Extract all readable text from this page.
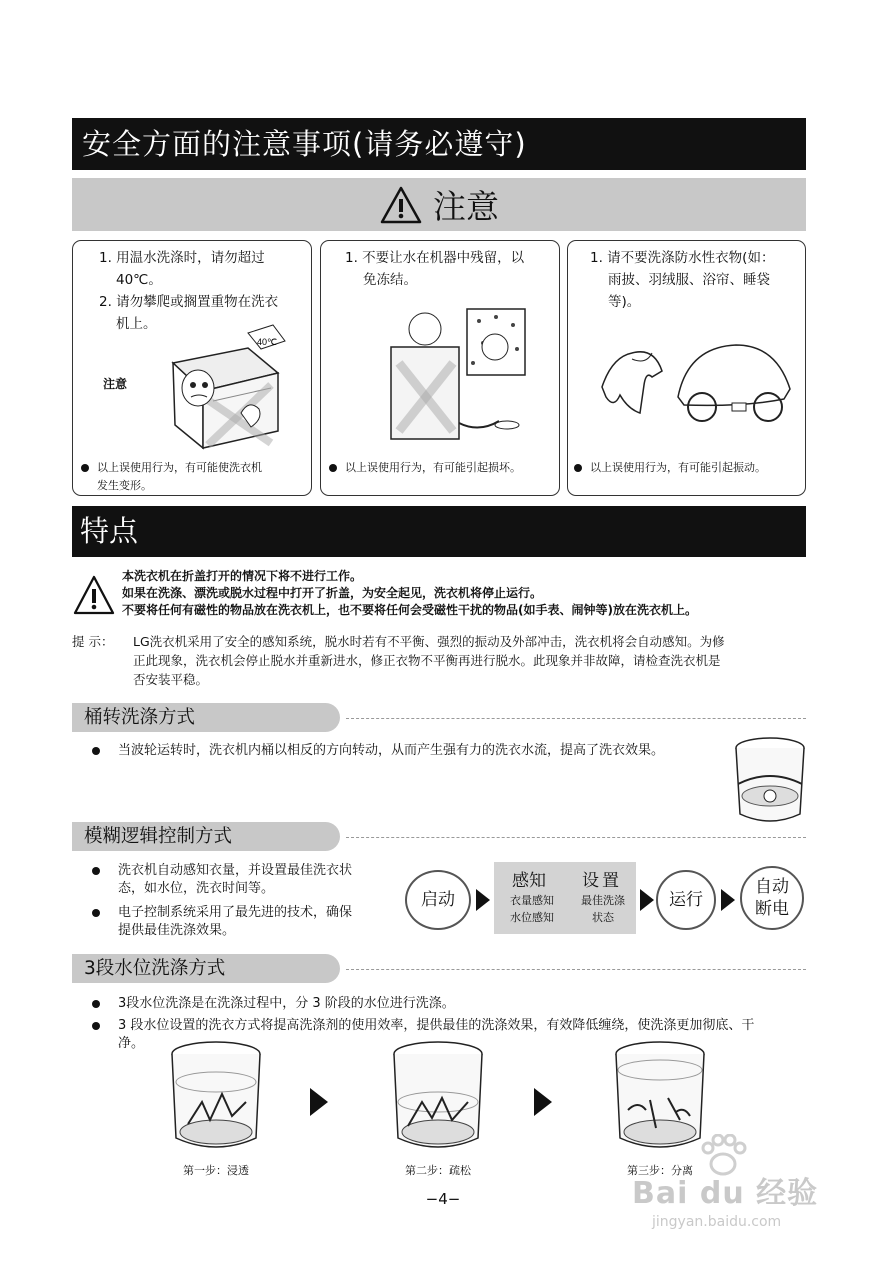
安全方面的注意事项(请务必遵守)
注意
1. 用温水洗涤时，请勿超过
40℃。
2. 请勿攀爬或搁置重物在洗衣
机上。
注意
40℃
以上误使用行为，有可能使洗衣机
发生变形。
1. 不要让水在机器中残留，以
免冻结。
以上误使用行为，有可能引起损坏。
1. 请不要洗涤防水性衣物(如：
雨披、羽绒服、浴帘、睡袋
等)。
以上误使用行为，有可能引起振动。
特点
本洗衣机在折盖打开的情况下将不进行工作。
如果在洗涤、漂洗或脱水过程中打开了折盖，为安全起见，洗衣机将停止运行。
不要将任何有磁性的物品放在洗衣机上，也不要将任何会受磁性干扰的物品(如手表、闹钟等)放在洗衣机上。
提 示： LG洗衣机采用了安全的感知系统，脱水时若有不平衡、强烈的振动及外部冲击，洗衣机将会自动感知。为修
正此现象，洗衣机会停止脱水并重新进水，修正衣物不平衡再进行脱水。此现象并非故障，请检查洗衣机是
否安装平稳。
桶转洗涤方式
当波轮运转时，洗衣机内桶以相反的方向转动，从而产生强有力的洗衣水流，提高了洗衣效果。
模糊逻辑控制方式
洗衣机自动感知衣量，并设置最佳洗衣状
态，如水位，洗衣时间等。
电子控制系统采用了最先进的技术，确保
提供最佳洗涤效果。
启动
感知 设置
衣量感知
水位感知
最佳洗涤
状态
运行
自动
断电
3段水位洗涤方式
3段水位洗涤是在洗涤过程中，分 3 阶段的水位进行洗涤。
3 段水位设置的洗衣方式将提高洗涤剂的使用效率，提供最佳的洗涤效果，有效降低缠绕，使洗涤更加彻底、干
净。
第一步：浸透	第二步：疏松	第三步：分离
−4−	Bai du 经验
jingyan.baidu.com
